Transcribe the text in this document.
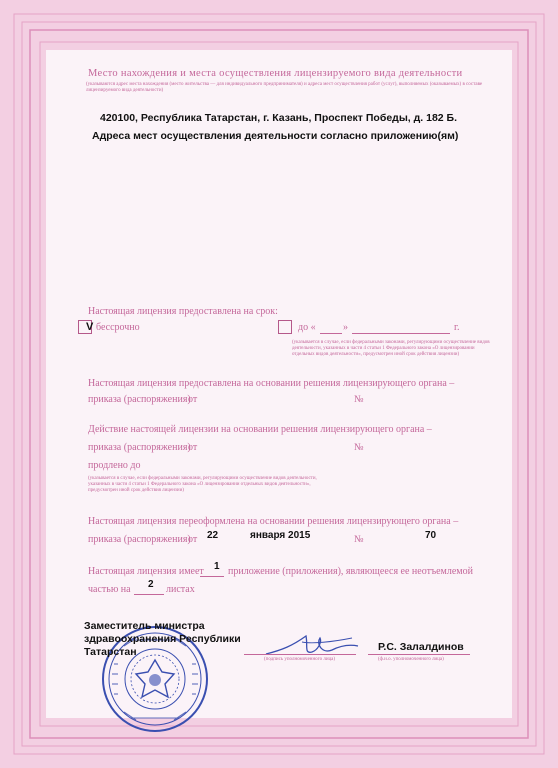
Место нахождения и места осуществления лицензируемого вида деятельности
(указываются адрес места нахождения (место жительства — для индивидуального предпринимателя) и адреса мест осуществления работ (услуг), выполняемых (оказываемых) в составе лицензируемого вида деятельности)
420100, Республика Татарстан, г. Казань, Проспект Победы, д. 182 Б.
Адреса мест осуществления деятельности согласно приложению(ям)
Настоящая лицензия предоставлена на срок:
V бессрочно	до «	»	г.
(указывается в случае, если федеральными законами, регулирующими осуществление видов деятельности, указанных в части 4 статьи 1 Федерального закона «О лицензировании отдельных видов деятельности», предусмотрен иной срок действия лицензии)
Настоящая лицензия предоставлена на основании решения лицензирующего органа –
приказа (распоряжения)
от	№
Действие настоящей лицензии на основании решения лицензирующего органа –
приказа (распоряжения)
от	№
продлено до
(указывается в случае, если федеральными законами, регулирующими осуществление видов деятельности, указанных в части 4 статьи 1 Федерального закона «О лицензировании отдельных видов деятельности», предусмотрен иной срок действия лицензии)
Настоящая лицензия переоформлена на основании решения лицензирующего органа –
приказа (распоряжения)
от 22	января 2015	№	70
Настоящая лицензия имеет 1 приложение (приложения), являющееся ее неотъемлемой
частью на 2 листах
Заместитель министра
здравоохранения Республики
Татарстан
(подпись уполномоченного лица)
Р.С. Залалдинов
(ф.и.о. уполномоченного лица)
